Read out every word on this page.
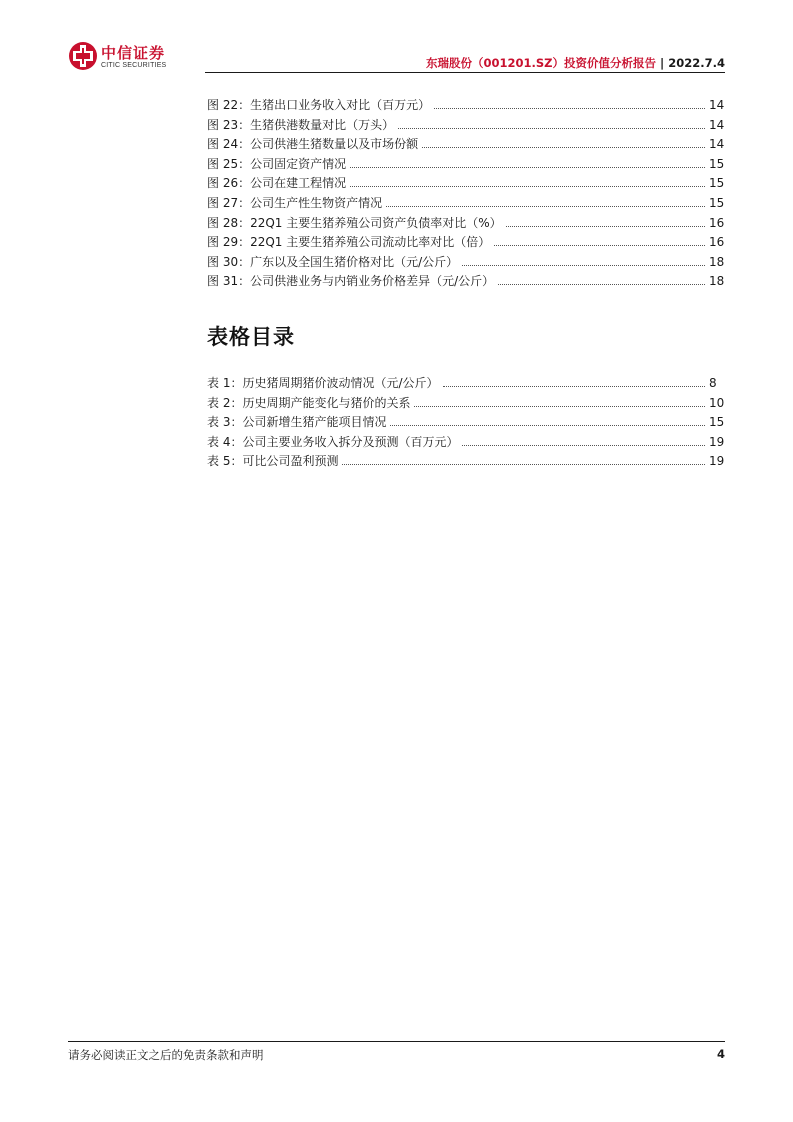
中信证券
CITIC SECURITIES	东瑞股份（001201.SZ）投资价值分析报告 | 2022.7.4
图 22：生猪出口业务收入对比（百万元）	14
图 23：生猪供港数量对比（万头）	14
图 24：公司供港生猪数量以及市场份额	14
图 25：公司固定资产情况	15
图 26：公司在建工程情况	15
图 27：公司生产性生物资产情况	15
图 28：22Q1 主要生猪养殖公司资产负债率对比（%）	16
图 29：22Q1 主要生猪养殖公司流动比率对比（倍）	16
图 30：广东以及全国生猪价格对比（元/公斤）	18
图 31：公司供港业务与内销业务价格差异（元/公斤）	18
表格目录
表 1：历史猪周期猪价波动情况（元/公斤）	8
表 2：历史周期产能变化与猪价的关系	10
表 3：公司新增生猪产能项目情况	15
表 4：公司主要业务收入拆分及预测（百万元）	19
表 5：可比公司盈利预测	19
请务必阅读正文之后的免责条款和声明	4
